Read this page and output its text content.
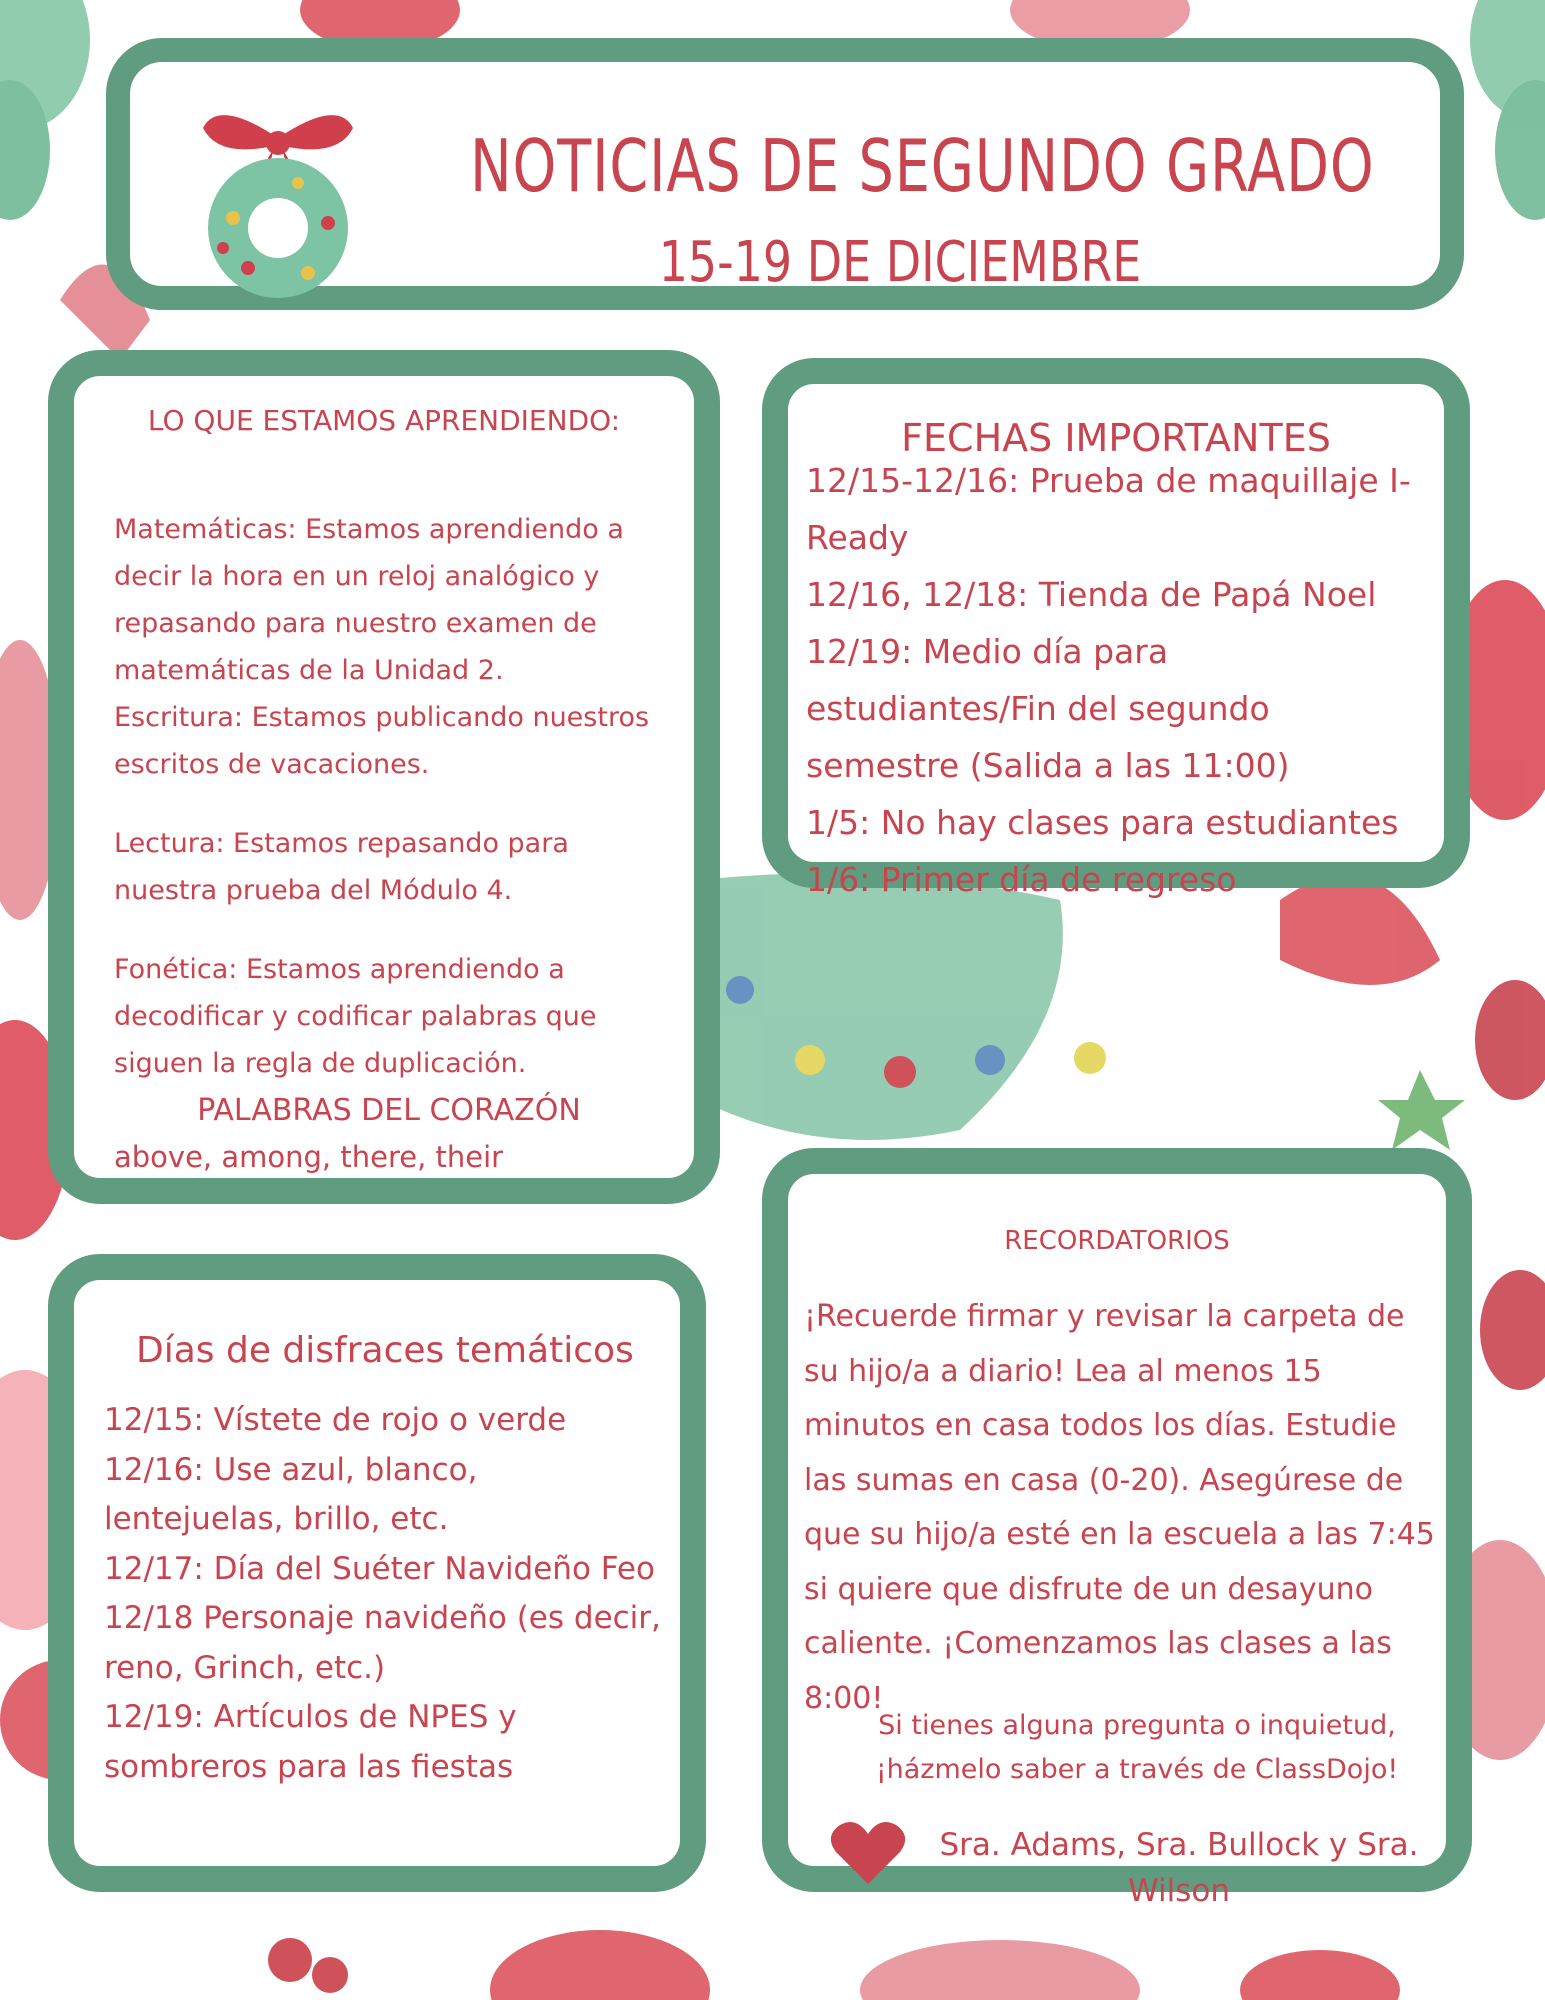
NOTICIAS DE SEGUNDO GRADO
15-19 DE DICIEMBRE
LO QUE ESTAMOS APRENDIENDO:

Matemáticas: Estamos aprendiendo a decir la hora en un reloj analógico y repasando para nuestro examen de matemáticas de la Unidad 2.

Escritura: Estamos publicando nuestros escritos de vacaciones.

Lectura: Estamos repasando para nuestra prueba del Módulo 4.

Fonética: Estamos aprendiendo a decodificar y codificar palabras que siguen la regla de duplicación.

PALABRAS DEL CORAZÓN

above, among, there, their

FECHAS IMPORTANTES
12/15-12/16: Prueba de maquillaje I-Ready
12/16, 12/18: Tienda de Papá Noel
12/19: Medio día para estudiantes/Fin del segundo semestre (Salida a las 11:00)
1/5: No hay clases para estudiantes
1/6: Primer día de regreso
Días de disfraces temáticos
12/15: Vístete de rojo o verde
12/16: Use azul, blanco, lentejuelas, brillo, etc.
12/17: Día del Suéter Navideño Feo
12/18 Personaje navideño (es decir, reno, Grinch, etc.)
12/19: Artículos de NPES y sombreros para las fiestas
RECORDATORIOS
¡Recuerde firmar y revisar la carpeta de su hijo/a a diario! Lea al menos 15 minutos en casa todos los días. Estudie las sumas en casa (0-20). Asegúrese de que su hijo/a esté en la escuela a las 7:45 si quiere que disfrute de un desayuno caliente. ¡Comenzamos las clases a las 8:00!
Si tienes alguna pregunta o inquietud, ¡házmelo saber a través de ClassDojo!
Sra. Adams, Sra. Bullock y Sra. Wilson
